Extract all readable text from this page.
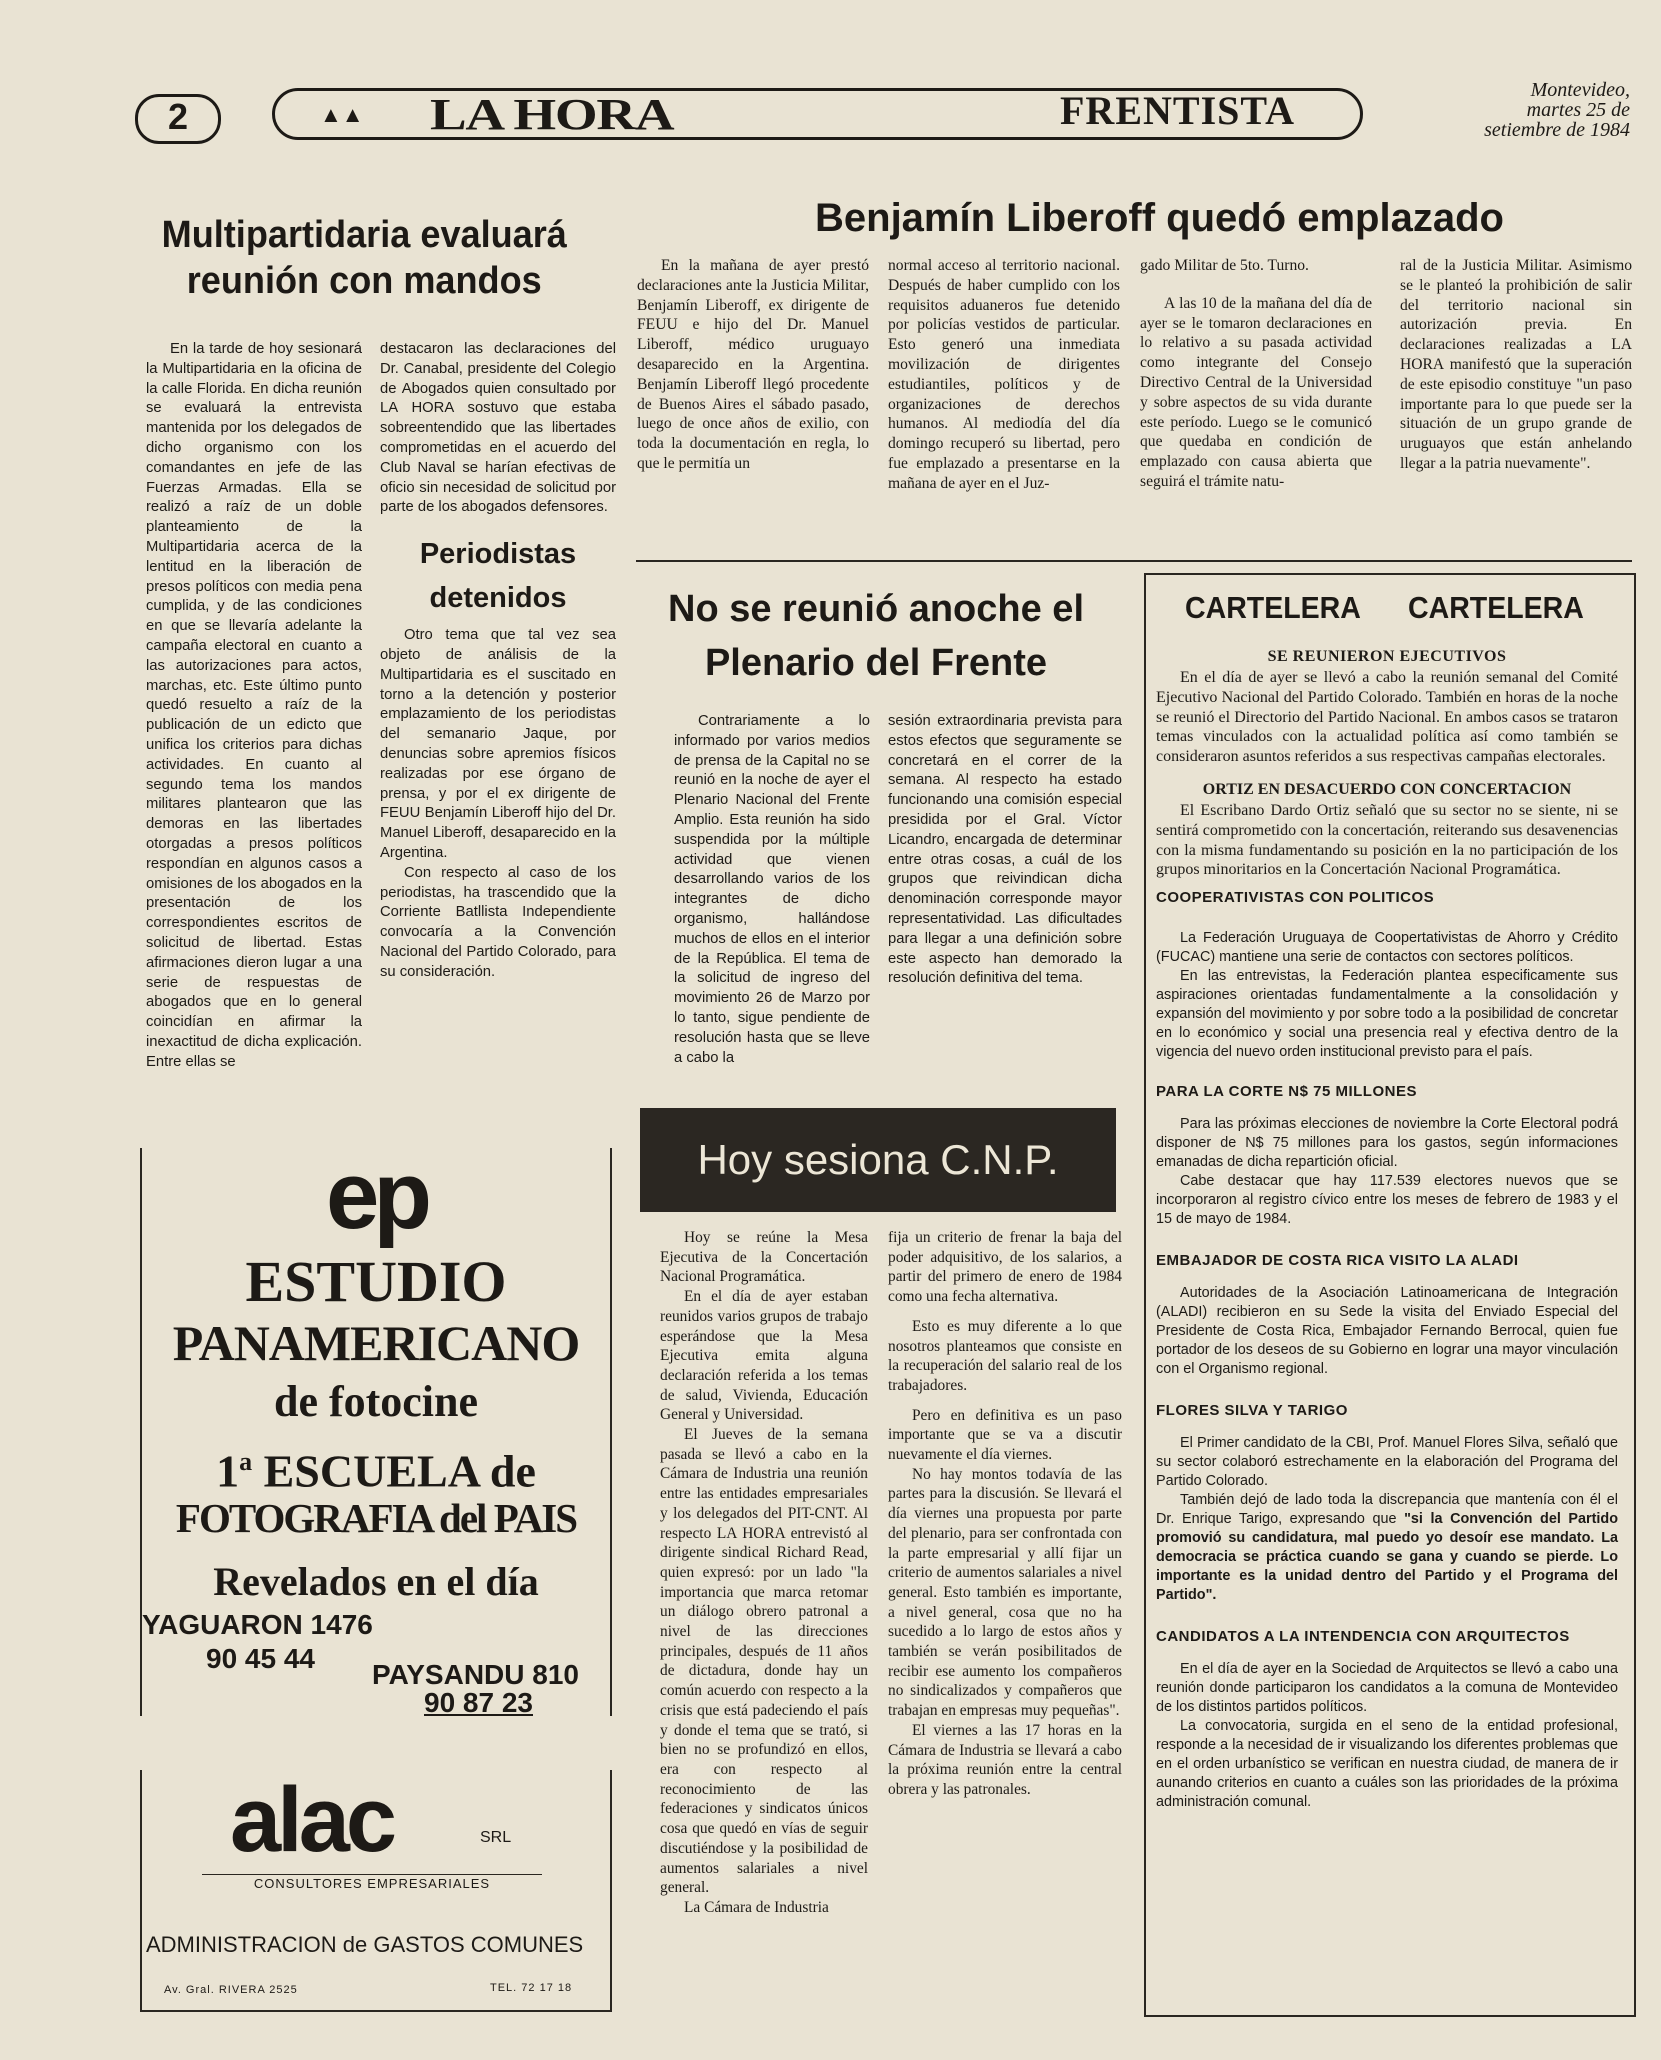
2	▲▲ LA HORA	FRENTISTA	Montevideo,
martes 25 de
setiembre de 1984
Multipartidaria evaluará
reunión con mandos

En la tarde de hoy sesionará la Multipartidaria en la oficina de la calle Florida. En dicha reunión se evaluará la entrevista mantenida por los delegados de dicho organismo con los comandantes en jefe de las Fuerzas Armadas. Ella se realizó a raíz de un doble planteamiento de la Multipartidaria acerca de la lentitud en la liberación de presos políticos con media pena cumplida, y de las condiciones en que se llevaría adelante la campaña electoral en cuanto a las autorizaciones para actos, marchas, etc. Este último punto quedó resuelto a raíz de la publicación de un edicto que unifica los criterios para dichas actividades. En cuanto al segundo tema los mandos militares plantearon que las demoras en las libertades otorgadas a presos políticos respondían en algunos casos a omisiones de los abogados en la presentación de los correspondientes escritos de solicitud de libertad. Estas afirmaciones dieron lugar a una serie de respuestas de abogados que en lo general coincidían en afirmar la inexactitud de dicha explicación. Entre ellas se

destacaron las declaraciones del Dr. Canabal, presidente del Colegio de Abogados quien consultado por LA HORA sostuvo que estaba sobreentendido que las libertades comprometidas en el acuerdo del Club Naval se harían efectivas de oficio sin necesidad de solicitud por parte de los abogados defensores.

Periodistas
detenidos

Otro tema que tal vez sea objeto de análisis de la Multipartidaria es el suscitado en torno a la detención y posterior emplazamiento de los periodistas del semanario Jaque, por denuncias sobre apremios físicos realizadas por ese órgano de prensa, y por el ex dirigente de FEUU Benjamín Liberoff hijo del Dr. Manuel Liberoff, desaparecido en la Argentina.

Con respecto al caso de los periodistas, ha trascendido que la Corriente Batllista Independiente convocaría a la Convención Nacional del Partido Colorado, para su consideración.

Benjamín Liberoff quedó emplazado

En la mañana de ayer prestó declaraciones ante la Justicia Militar, Benjamín Liberoff, ex dirigente de FEUU e hijo del Dr. Manuel Liberoff, médico uruguayo desaparecido en la Argentina. Benjamín Liberoff llegó procedente de Buenos Aires el sábado pasado, luego de once años de exilio, con toda la documentación en regla, lo que le permitía un

normal acceso al territorio nacional. Después de haber cumplido con los requisitos aduaneros fue detenido por policías vestidos de particular. Esto generó una inmediata movilización de dirigentes estudiantiles, políticos y de organizaciones de derechos humanos. Al mediodía del día domingo recuperó su libertad, pero fue emplazado a presentarse en la mañana de ayer en el Juz-

gado Militar de 5to. Turno.

A las 10 de la mañana del día de ayer se le tomaron declaraciones en lo relativo a su pasada actividad como integrante del Consejo Directivo Central de la Universidad y sobre aspectos de su vida durante este período. Luego se le comunicó que quedaba en condición de emplazado con causa abierta que seguirá el trámite natu-

ral de la Justicia Militar. Asimismo se le planteó la prohibición de salir del territorio nacional sin autorización previa. En declaraciones realizadas a LA HORA manifestó que la superación de este episodio constituye "un paso importante para lo que puede ser la situación de un grupo grande de uruguayos que están anhelando llegar a la patria nuevamente".

No se reunió anoche el
Plenario del Frente

Contrariamente a lo informado por varios medios de prensa de la Capital no se reunió en la noche de ayer el Plenario Nacional del Frente Amplio. Esta reunión ha sido suspendida por la múltiple actividad que vienen desarrollando varios de los integrantes de dicho organismo, hallándose muchos de ellos en el interior de la República. El tema de la solicitud de ingreso del movimiento 26 de Marzo por lo tanto, sigue pendiente de resolución hasta que se lleve a cabo la

sesión extraordinaria prevista para estos efectos que seguramente se concretará en el correr de la semana. Al respecto ha estado funcionando una comisión especial presidida por el Gral. Víctor Licandro, encargada de determinar entre otras cosas, a cuál de los grupos que reivindican dicha denominación corresponde mayor representatividad. Las dificultades para llegar a una definición sobre este aspecto han demorado la resolución definitiva del tema.

Hoy sesiona C.N.P.

Hoy se reúne la Mesa Ejecutiva de la Concertación Nacional Programática.

En el día de ayer estaban reunidos varios grupos de trabajo esperándose que la Mesa Ejecutiva emita alguna declaración referida a los temas de salud, Vivienda, Educación General y Universidad.

El Jueves de la semana pasada se llevó a cabo en la Cámara de Industria una reunión entre las entidades empresariales y los delegados del PIT-CNT. Al respecto LA HORA entrevistó al dirigente sindical Richard Read, quien expresó: por un lado "la importancia que marca retomar un diálogo obrero patronal a nivel de las direcciones principales, después de 11 años de dictadura, donde hay un común acuerdo con respecto a la crisis que está padeciendo el país y donde el tema que se trató, si bien no se profundizó en ellos, era con respecto al reconocimiento de las federaciones y sindicatos únicos cosa que quedó en vías de seguir discutiéndose y la posibilidad de aumentos salariales a nivel general.

La Cámara de Industria

fija un criterio de frenar la baja del poder adquisitivo, de los salarios, a partir del primero de enero de 1984 como una fecha alternativa.

Esto es muy diferente a lo que nosotros planteamos que consiste en la recuperación del salario real de los trabajadores.

Pero en definitiva es un paso importante que se va a discutir nuevamente el día viernes.

No hay montos todavía de las partes para la discusión. Se llevará el día viernes una propuesta por parte del plenario, para ser confrontada con la parte empresarial y allí fijar un criterio de aumentos salariales a nivel general. Esto también es importante, a nivel general, cosa que no ha sucedido a lo largo de estos años y también se verán posibilitados de recibir ese aumento los compañeros no sindicalizados y compañeros que trabajan en empresas muy pequeñas".

El viernes a las 17 horas en la Cámara de Industria se llevará a cabo la próxima reunión entre la central obrera y las patronales.

CARTELERA CARTELERA
SE REUNIERON EJECUTIVOS

En el día de ayer se llevó a cabo la reunión semanal del Comité Ejecutivo Nacional del Partido Colorado. También en horas de la noche se reunió el Directorio del Partido Nacional. En ambos casos se trataron temas vinculados con la actualidad política así como también se consideraron asuntos referidos a sus respectivas campañas electorales.

ORTIZ EN DESACUERDO CON CONCERTACION

El Escribano Dardo Ortiz señaló que su sector no se siente, ni se sentirá comprometido con la concertación, reiterando sus desavenencias con la misma fundamentando su posición en la no participación de los grupos minoritarios en la Concertación Nacional Programática.

COOPERATIVISTAS CON POLITICOS

La Federación Uruguaya de Coopertativistas de Ahorro y Crédito (FUCAC) mantiene una serie de contactos con sectores políticos.

En las entrevistas, la Federación plantea especificamente sus aspiraciones orientadas fundamentalmente a la consolidación y expansión del movimiento y por sobre todo a la posibilidad de concretar en lo económico y social una presencia real y efectiva dentro de la vigencia del nuevo orden institucional previsto para el país.

PARA LA CORTE N$ 75 MILLONES

Para las próximas elecciones de noviembre la Corte Electoral podrá disponer de N$ 75 millones para los gastos, según informaciones emanadas de dicha repartición oficial.

Cabe destacar que hay 117.539 electores nuevos que se incorporaron al registro cívico entre los meses de febrero de 1983 y el 15 de mayo de 1984.

EMBAJADOR DE COSTA RICA VISITO LA ALADI

Autoridades de la Asociación Latinoamericana de Integración (ALADI) recibieron en su Sede la visita del Enviado Especial del Presidente de Costa Rica, Embajador Fernando Berrocal, quien fue portador de los deseos de su Gobierno en lograr una mayor vinculación con el Organismo regional.

FLORES SILVA Y TARIGO

El Primer candidato de la CBI, Prof. Manuel Flores Silva, señaló que su sector colaboró estrechamente en la elaboración del Programa del Partido Colorado.

También dejó de lado toda la discrepancia que mantenía con él el Dr. Enrique Tarigo, expresando que "si la Convención del Partido promovió su candidatura, mal puedo yo desoír ese mandato. La democracia se práctica cuando se gana y cuando se pierde. Lo importante es la unidad dentro del Partido y el Programa del Partido".

CANDIDATOS A LA INTENDENCIA CON ARQUITECTOS

En el día de ayer en la Sociedad de Arquitectos se llevó a cabo una reunión donde participaron los candidatos a la comuna de Montevideo de los distintos partidos políticos.

La convocatoria, surgida en el seno de la entidad profesional, responde a la necesidad de ir visualizando los diferentes problemas que en el orden urbanístico se verifican en nuestra ciudad, de manera de ir aunando criterios en cuanto a cuáles son las prioridades de la próxima administración comunal.

ep
ESTUDIO
PANAMERICANO
de fotocine
1$^a$ ESCUELA de
FOTOGRAFIA del PAIS
Revelados en el día
YAGUARON 1476
90 45 44
PAYSANDU 810
90 87 23
alac	SRL
CONSULTORES EMPRESARIALES
ADMINISTRACION de GASTOS COMUNES
Av. Gral. RIVERA 2525	TEL. 72 17 18
